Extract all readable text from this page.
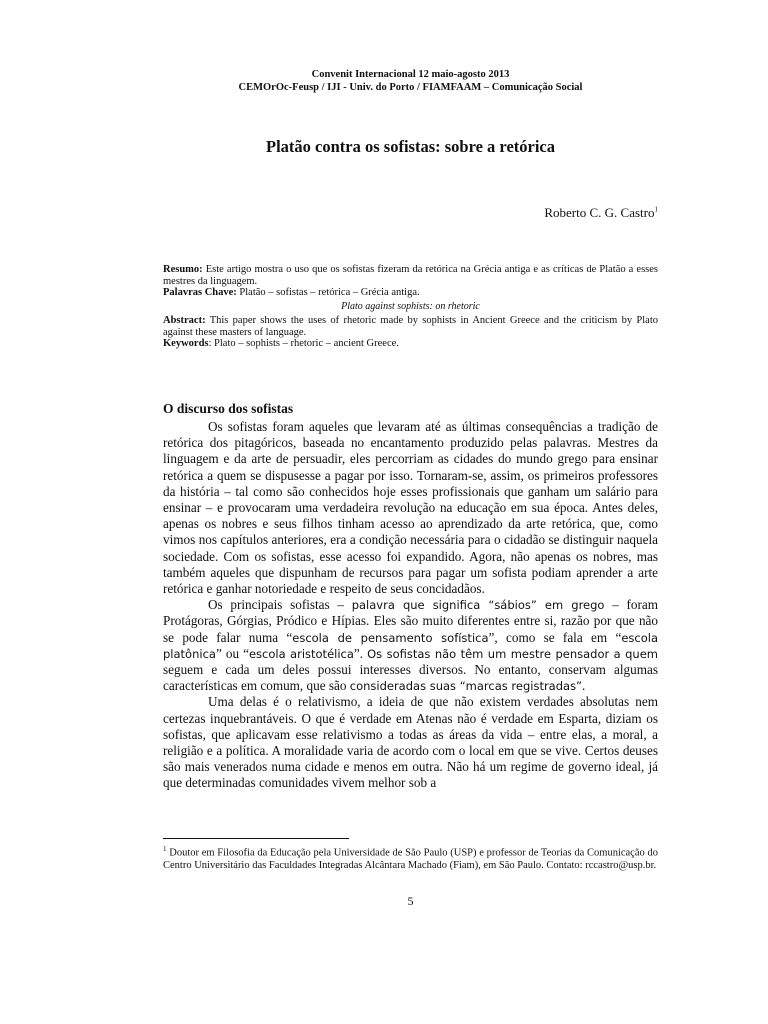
Convenit Internacional 12 maio-agosto 2013
CEMOrOc-Feusp / IJI - Univ. do Porto / FIAMFAAM – Comunicação Social
Platão contra os sofistas: sobre a retórica
Roberto C. G. Castro$^1$

Resumo: Este artigo mostra o uso que os sofistas fizeram da retórica na Grécia antiga e as críticas de Platão a esses mestres da linguagem.

Palavras Chave: Platão – sofistas – retórica – Grécia antiga.

Plato against sophists: on rhetoric

Abstract: This paper shows the uses of rhetoric made by sophists in Ancient Greece and the criticism by Plato against these masters of language.

Keywords: Plato – sophists – rhetoric – ancient Greece.

O discurso dos sofistas

Os sofistas foram aqueles que levaram até as últimas consequências a tradição de retórica dos pitagóricos, baseada no encantamento produzido pelas palavras. Mestres da linguagem e da arte de persuadir, eles percorriam as cidades do mundo grego para ensinar retórica a quem se dispusesse a pagar por isso. Tornaram-se, assim, os primeiros professores da história – tal como são conhecidos hoje esses profissionais que ganham um salário para ensinar – e provocaram uma verdadeira revolução na educação em sua época. Antes deles, apenas os nobres e seus filhos tinham acesso ao aprendizado da arte retórica, que, como vimos nos capítulos anteriores, era a condição necessária para o cidadão se distinguir naquela sociedade. Com os sofistas, esse acesso foi expandido. Agora, não apenas os nobres, mas também aqueles que dispunham de recursos para pagar um sofista podiam aprender a arte retórica e ganhar notoriedade e respeito de seus concidadãos.

Os principais sofistas – palavra que significa “sábios” em grego – foram Protágoras, Górgias, Pródico e Hípias. Eles são muito diferentes entre si, razão por que não se pode falar numa “escola de pensamento sofística”, como se fala em “escola platônica” ou “escola aristotélica”. Os sofistas não têm um mestre pensador a quem seguem e cada um deles possui interesses diversos. No entanto, conservam algumas características em comum, que são consideradas suas “marcas registradas”.

Uma delas é o relativismo, a ideia de que não existem verdades absolutas nem certezas inquebrantáveis. O que é verdade em Atenas não é verdade em Esparta, diziam os sofistas, que aplicavam esse relativismo a todas as áreas da vida – entre elas, a moral, a religião e a política. A moralidade varia de acordo com o local em que se vive. Certos deuses são mais venerados numa cidade e menos em outra. Não há um regime de governo ideal, já que determinadas comunidades vivem melhor sob a

$^1$ Doutor em Filosofia da Educação pela Universidade de São Paulo (USP) e professor de Teorias da Comunicação do Centro Universitário das Faculdades Integradas Alcântara Machado (Fiam), em São Paulo. Contato: rccastro@usp.br.
5
